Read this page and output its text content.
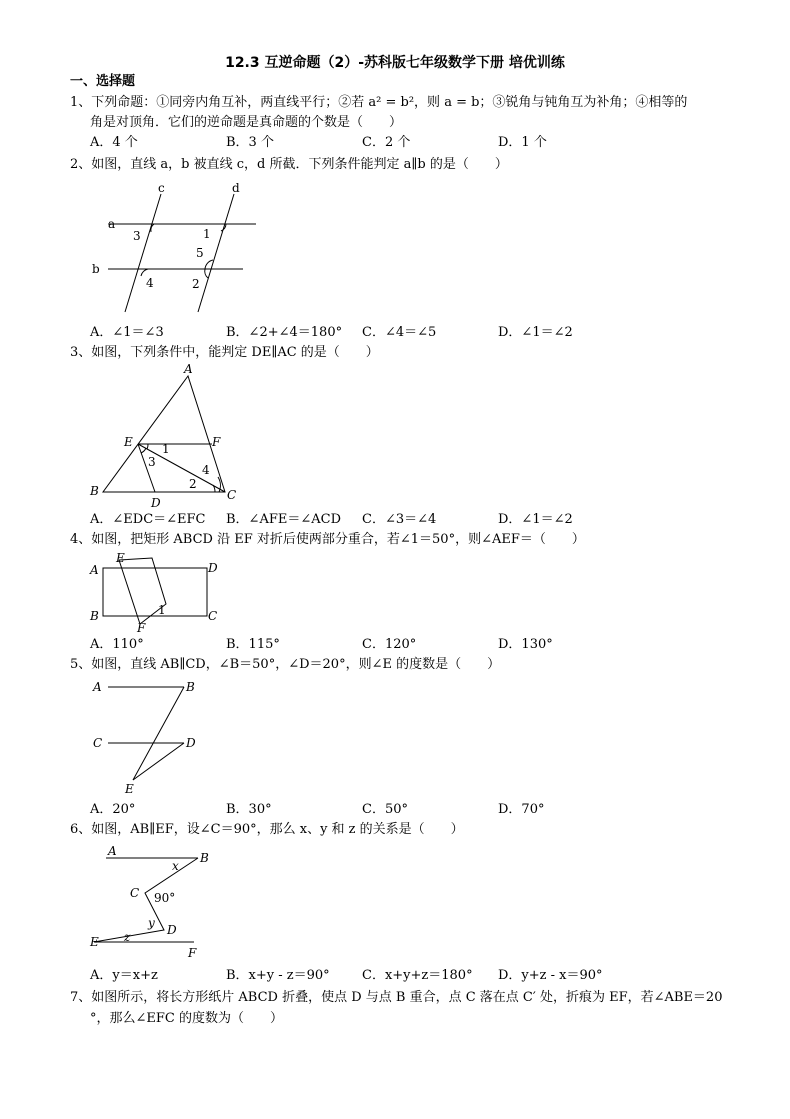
12.3 互逆命题（2）-苏科版七年级数学下册 培优训练
一、选择题
1、下列命题：①同旁内角互补，两直线平行；②若 a² = b²，则 a = b；③锐角与钝角互为补角；④相等的
角是对顶角．它们的逆命题是真命题的个数是（　　）
A．4 个	B．3 个	C．2 个	D．1 个
2、如图，直线 a，b 被直线 c，d 所截．下列条件能判定 a∥b 的是（　　）
c	d
a
b
3	1
5
4	2
A．∠1＝∠3	B．∠2+∠4＝180° C．∠4＝∠5	D．∠1＝∠2
3、如图，下列条件中，能判定 DE∥AC 的是（　　）
A
E	F
1
3
4
2
B
D
C
A．∠EDC＝∠EFC B．∠AFE＝∠ACD C．∠3＝∠4	D．∠1＝∠2
4、如图，把矩形 ABCD 沿 EF 对折后使两部分重合，若∠1＝50°，则∠AEF＝（　　）
E
A	D
B	C
F
1
A．110°	B．115°	C．120°	D．130°
5、如图，直线 AB∥CD，∠B＝50°，∠D＝20°，则∠E 的度数是（　　）
A	B
C	D
E
A．20°	B．30°	C．50°	D．70°
6、如图，AB∥EF，设∠C＝90°，那么 x、y 和 z 的关系是（　　）
A
x
B
C 90°
y D
E z
F
A．y＝x+z	B．x+y - z＝90° C．x+y+z＝180° D．y+z - x＝90°
7、如图所示，将长方形纸片 ABCD 折叠，使点 D 与点 B 重合，点 C 落在点 C′ 处，折痕为 EF，若∠ABE＝20
°，那么∠EFC 的度数为（　　）
